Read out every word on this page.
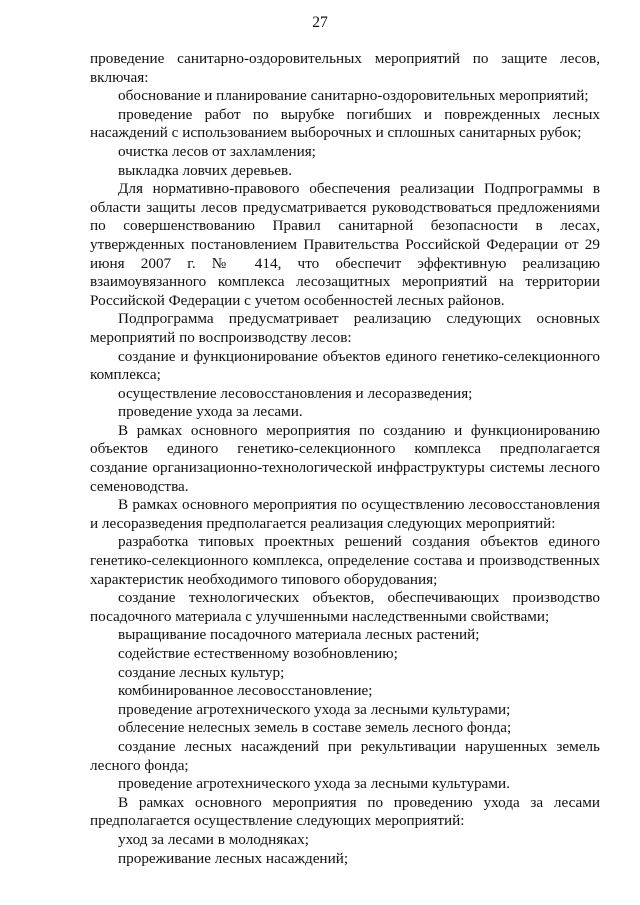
27

проведение санитарно-оздоровительных мероприятий по защите лесов, включая:

обоснование и планирование санитарно-оздоровительных мероприятий;

проведение работ по вырубке погибших и поврежденных лесных насаждений с использованием выборочных и сплошных санитарных рубок;

очистка лесов от захламления;

выкладка ловчих деревьев.

Для нормативно-правового обеспечения реализации Подпрограммы в области защиты лесов предусматривается руководствоваться предложениями по совершенствованию Правил санитарной безопасности в лесах, утвержденных постановлением Правительства Российской Федерации от 29 июня 2007 г. № 414, что обеспечит эффективную реализацию взаимоувязанного комплекса лесозащитных мероприятий на территории Российской Федерации с учетом особенностей лесных районов.

Подпрограмма предусматривает реализацию следующих основных мероприятий по воспроизводству лесов:

создание и функционирование объектов единого генетико-селекционного комплекса;

осуществление лесовосстановления и лесоразведения;

проведение ухода за лесами.

В рамках основного мероприятия по созданию и функционированию объектов единого генетико-селекционного комплекса предполагается создание организационно-технологической инфраструктуры системы лесного семеноводства.

В рамках основного мероприятия по осуществлению лесовосстановления и лесоразведения предполагается реализация следующих мероприятий:

разработка типовых проектных решений создания объектов единого генетико-селекционного комплекса, определение состава и производственных характеристик необходимого типового оборудования;

создание технологических объектов, обеспечивающих производство посадочного материала с улучшенными наследственными свойствами;

выращивание посадочного материала лесных растений;

содействие естественному возобновлению;

создание лесных культур;

комбинированное лесовосстановление;

проведение агротехнического ухода за лесными культурами;

облесение нелесных земель в составе земель лесного фонда;

создание лесных насаждений при рекультивации нарушенных земель лесного фонда;

проведение агротехнического ухода за лесными культурами.

В рамках основного мероприятия по проведению ухода за лесами предполагается осуществление следующих мероприятий:

уход за лесами в молодняках;

прореживание лесных насаждений;
